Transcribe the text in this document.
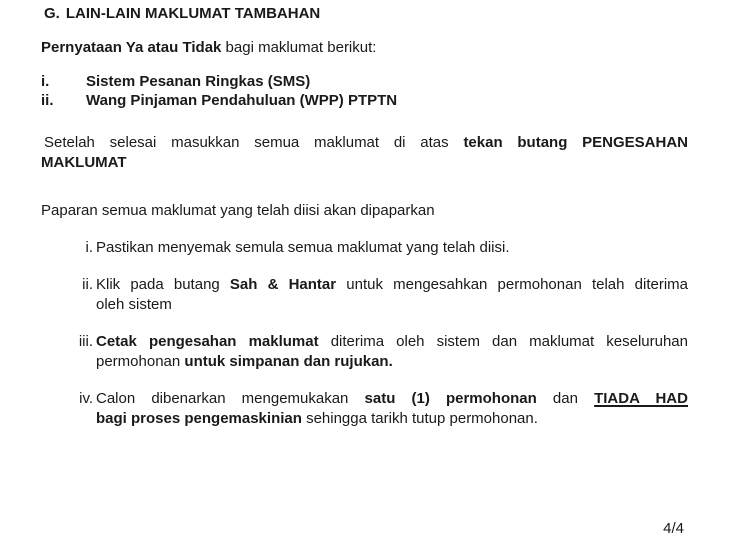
G. LAIN-LAIN MAKLUMAT TAMBAHAN

Pernyataan Ya atau Tidak bagi maklumat berikut:

i.	Sistem Pesanan Ringkas (SMS)
ii.	Wang Pinjaman Pendahuluan (WPP) PTPTN
Setelah selesai masukkan semua maklumat di atas tekan butang PENGESAHAN
MAKLUMAT

Paparan semua maklumat yang telah diisi akan dipaparkan

i. Pastikan menyemak semula semua maklumat yang telah diisi.
ii. Klik pada butang Sah & Hantar untuk mengesahkan permohonan telah diterima
oleh sistem
iii. Cetak pengesahan maklumat diterima oleh sistem dan maklumat keseluruhan
permohonan untuk simpanan dan rujukan.
iv. Calon dibenarkan mengemukakan satu (1) permohonan dan TIADA HAD
bagi proses pengemaskinian sehingga tarikh tutup permohonan.
4/4
